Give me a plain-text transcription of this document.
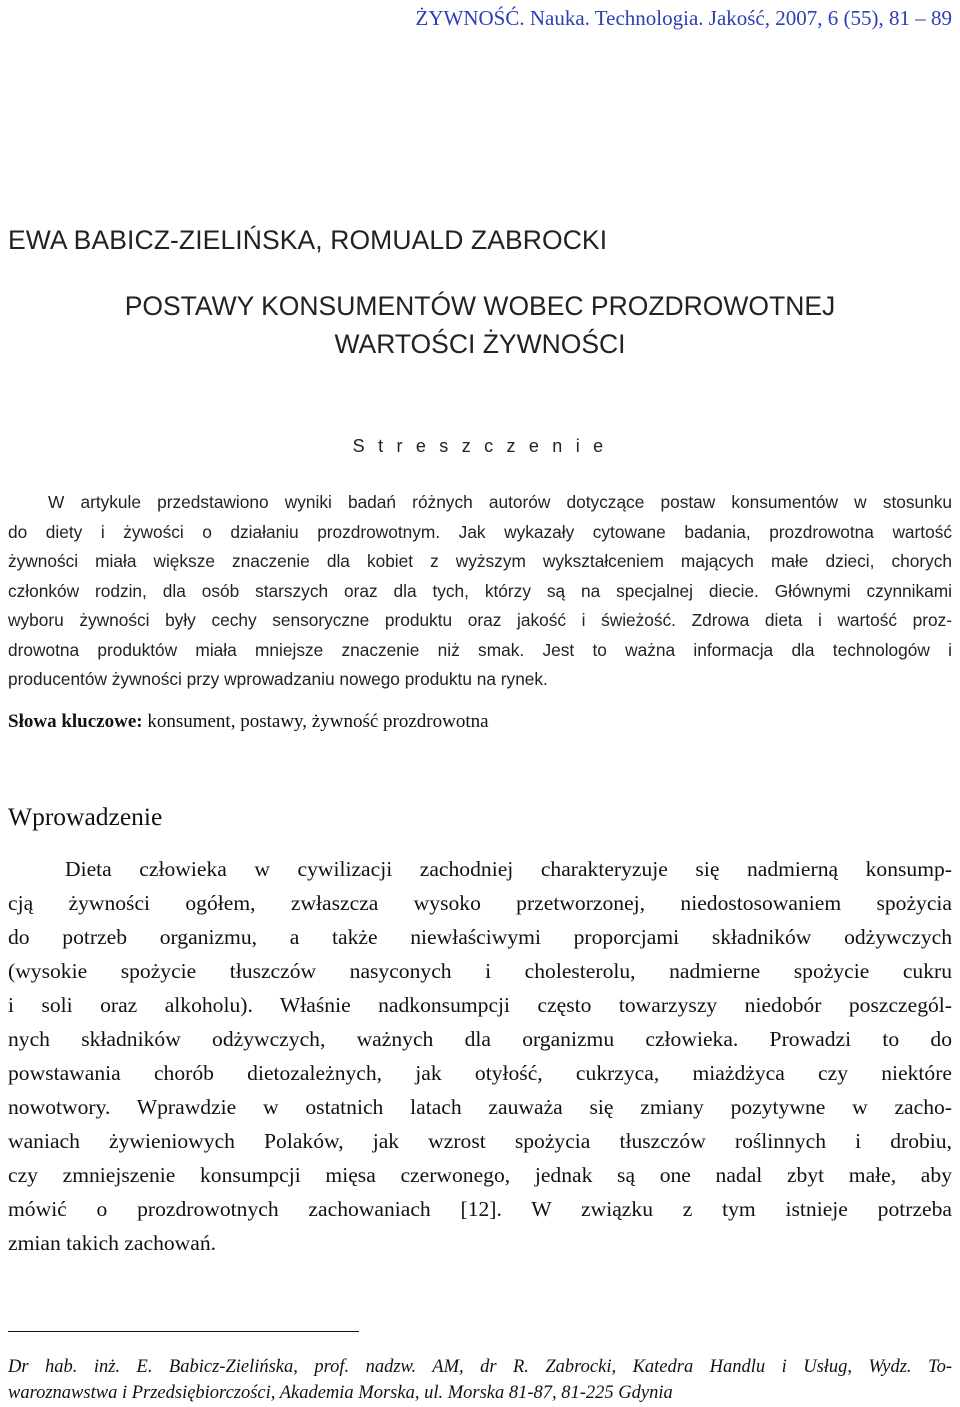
ŻYWNOŚĆ. Nauka. Technologia. Jakość, 2007, 6 (55), 81 – 89
EWA BABICZ-ZIELIŃSKA, ROMUALD ZABROCKI
POSTAWY KONSUMENTÓW WOBEC PROZDROWOTNEJ
WARTOŚCI ŻYWNOŚCI
S t r e s z c z e n i e

W artykule przedstawiono wyniki badań różnych autorów dotyczące postaw konsumentów w stosunku
do diety i żywości o działaniu prozdrowotnym. Jak wykazały cytowane badania, prozdrowotna wartość
żywności miała większe znaczenie dla kobiet z wyższym wykształceniem mających małe dzieci, chorych
członków rodzin, dla osób starszych oraz dla tych, którzy są na specjalnej diecie. Głównymi czynnikami
wyboru żywności były cechy sensoryczne produktu oraz jakość i świeżość. Zdrowa dieta i wartość proz-
drowotna produktów miała mniejsze znaczenie niż smak. Jest to ważna informacja dla technologów i
producentów żywności przy wprowadzaniu nowego produktu na rynek.

Słowa kluczowe: konsument, postawy, żywność prozdrowotna
Wprowadzenie

Dieta człowieka w cywilizacji zachodniej charakteryzuje się nadmierną konsump-
cją żywności ogółem, zwłaszcza wysoko przetworzonej, niedostosowaniem spożycia
do potrzeb organizmu, a także niewłaściwymi proporcjami składników odżywczych
(wysokie spożycie tłuszczów nasyconych i cholesterolu, nadmierne spożycie cukru
i soli oraz alkoholu). Właśnie nadkonsumpcji często towarzyszy niedobór poszczegól-
nych składników odżywczych, ważnych dla organizmu człowieka. Prowadzi to do
powstawania chorób dietozależnych, jak otyłość, cukrzyca, miażdżyca czy niektóre
nowotwory. Wprawdzie w ostatnich latach zauważa się zmiany pozytywne w zacho-
waniach żywieniowych Polaków, jak wzrost spożycia tłuszczów roślinnych i drobiu,
czy zmniejszenie konsumpcji mięsa czerwonego, jednak są one nadal zbyt małe, aby
mówić o prozdrowotnych zachowaniach [12]. W związku z tym istnieje potrzeba
zmian takich zachowań.

Dr hab. inż. E. Babicz-Zielińska, prof. nadzw. AM, dr R. Zabrocki, Katedra Handlu i Usług, Wydz. To-
waroznawstwa i Przedsiębiorczości, Akademia Morska, ul. Morska 81-87, 81-225 Gdynia
